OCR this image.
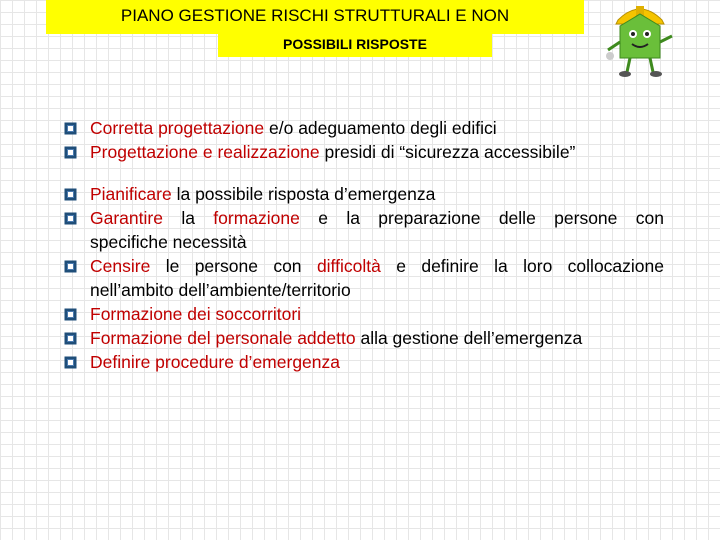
PIANO GESTIONE RISCHI STRUTTURALI E NON
POSSIBILI RISPOSTE
Corretta progettazione e/o adeguamento degli edifici
Progettazione e realizzazione presidi di “sicurezza accessibile”
Pianificare la possibile risposta d’emergenza
Garantire la formazione e la preparazione delle persone con
specifiche necessità
Censire le persone con difficoltà e definire la loro collocazione
nell’ambito dell’ambiente/territorio
Formazione dei soccorritori
Formazione del personale addetto alla gestione dell’emergenza
Definire procedure d’emergenza
